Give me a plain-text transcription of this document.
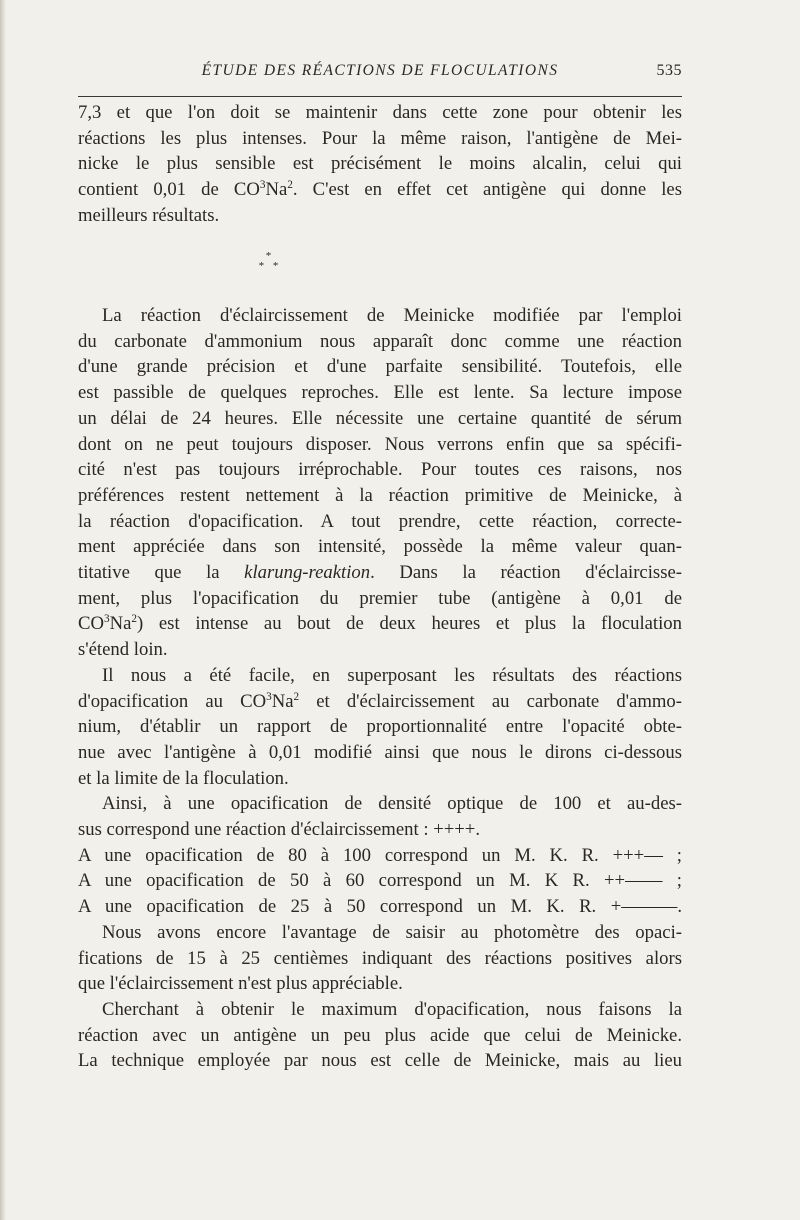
ÉTUDE DES RÉACTIONS DE FLOCULATIONS	535
7,3 et que l'on doit se maintenir dans cette zone pour obtenir les
réactions les plus intenses. Pour la même raison, l'antigène de Mei-
nicke le plus sensible est précisément le moins alcalin, celui qui
contient 0,01 de $CO^3Na^2$. C'est en effet cet antigène qui donne les
meilleurs résultats.
*
* *
La réaction d'éclaircissement de Meinicke modifiée par l'emploi
du carbonate d'ammonium nous apparaît donc comme une réaction
d'une grande précision et d'une parfaite sensibilité. Toutefois, elle
est passible de quelques reproches. Elle est lente. Sa lecture impose
un délai de 24 heures. Elle nécessite une certaine quantité de sérum
dont on ne peut toujours disposer. Nous verrons enfin que sa spécifi-
cité n'est pas toujours irréprochable. Pour toutes ces raisons, nos
préférences restent nettement à la réaction primitive de Meinicke, à
la réaction d'opacification. A tout prendre, cette réaction, correcte-
ment appréciée dans son intensité, possède la même valeur quan-
titative que la klarung-reaktion. Dans la réaction d'éclaircisse-
ment, plus l'opacification du premier tube (antigène à 0,01 de
$CO^3Na^2$) est intense au bout de deux heures et plus la floculation
s'étend loin.
Il nous a été facile, en superposant les résultats des réactions
d'opacification au $CO^3Na^2$ et d'éclaircissement au carbonate d'ammo-
nium, d'établir un rapport de proportionnalité entre l'opacité obte-
nue avec l'antigène à 0,01 modifié ainsi que nous le dirons ci-dessous
et la limite de la floculation.
Ainsi, à une opacification de densité optique de 100 et au-des-
sus correspond une réaction d'éclaircissement : ++++.
A une opacification de 80 à 100 correspond un M. K. R. +++— ;
A une opacification de 50 à 60 correspond un M. K R. ++—— ;
A une opacification de 25 à 50 correspond un M. K. R. +———.
Nous avons encore l'avantage de saisir au photomètre des opaci-
fications de 15 à 25 centièmes indiquant des réactions positives alors
que l'éclaircissement n'est plus appréciable.
Cherchant à obtenir le maximum d'opacification, nous faisons la
réaction avec un antigène un peu plus acide que celui de Meinicke.
La technique employée par nous est celle de Meinicke, mais au lieu
